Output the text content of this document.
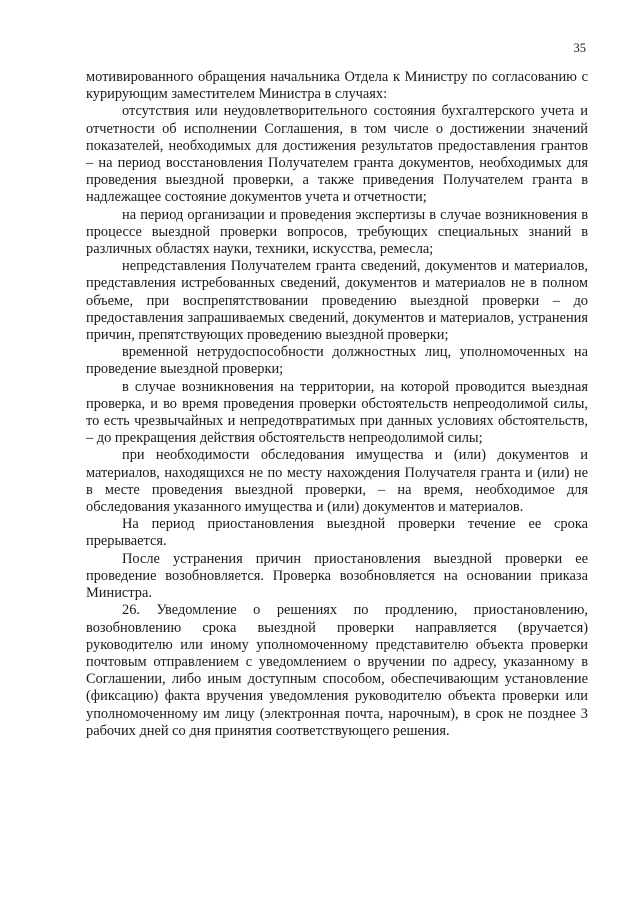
35

мотивированного обращения начальника Отдела к Министру по согласованию с курирующим заместителем Министра в случаях:

отсутствия или неудовлетворительного состояния бухгалтерского учета и отчетности об исполнении Соглашения, в том числе о достижении значений показателей, необходимых для достижения результатов предоставления грантов – на период восстановления Получателем гранта документов, необходимых для проведения выездной проверки, а также приведения Получателем гранта в надлежащее состояние документов учета и отчетности;

на период организации и проведения экспертизы в случае возникновения в процессе выездной проверки вопросов, требующих специальных знаний в различных областях науки, техники, искусства, ремесла;

непредставления Получателем гранта сведений, документов и материалов, представления истребованных сведений, документов и материалов не в полном объеме, при воспрепятствовании проведению выездной проверки – до предоставления запрашиваемых сведений, документов и материалов, устранения причин, препятствующих проведению выездной проверки;

временной нетрудоспособности должностных лиц, уполномоченных на проведение выездной проверки;

в случае возникновения на территории, на которой проводится выездная проверка, и во время проведения проверки обстоятельств непреодолимой силы, то есть чрезвычайных и непредотвратимых при данных условиях обстоятельств, – до прекращения действия обстоятельств непреодолимой силы;

при необходимости обследования имущества и (или) документов и материалов, находящихся не по месту нахождения Получателя гранта и (или) не в месте проведения выездной проверки, – на время, необходимое для обследования указанного имущества и (или) документов и материалов.

На период приостановления выездной проверки течение ее срока прерывается.

После устранения причин приостановления выездной проверки ее проведение возобновляется. Проверка возобновляется на основании приказа Министра.

26. Уведомление о решениях по продлению, приостановлению, возобновлению срока выездной проверки направляется (вручается) руководителю или иному уполномоченному представителю объекта проверки почтовым отправлением с уведомлением о вручении по адресу, указанному в Соглашении, либо иным доступным способом, обеспечивающим установление (фиксацию) факта вручения уведомления руководителю объекта проверки или уполномоченному им лицу (электронная почта, нарочным), в срок не позднее 3 рабочих дней со дня принятия соответствующего решения.
